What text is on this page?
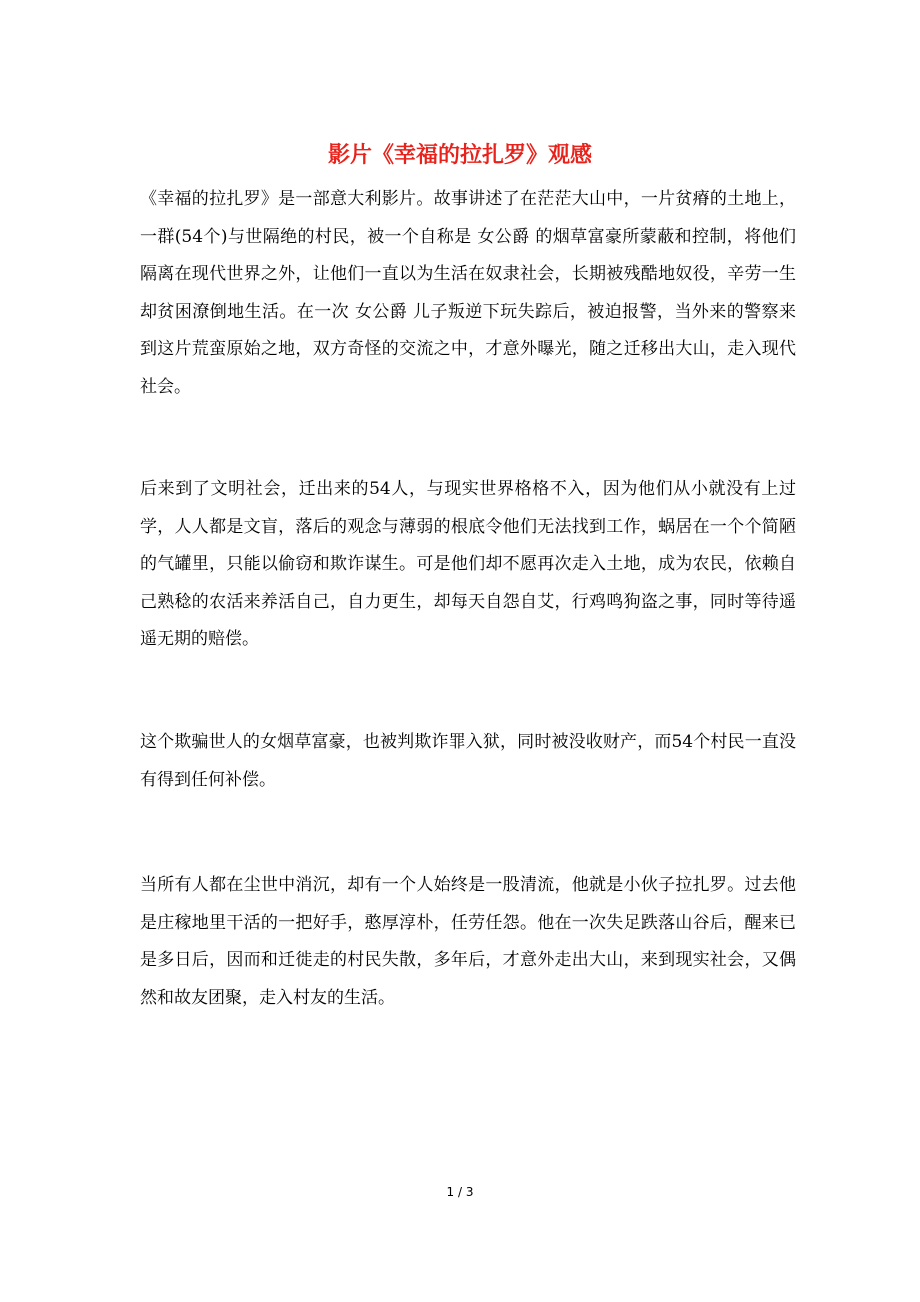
影片《幸福的拉扎罗》观感

《幸福的拉扎罗》是一部意大利影片。故事讲述了在茫茫大山中，一片贫瘠的土地上，一群(54个)与世隔绝的村民，被一个自称是 女公爵 的烟草富豪所蒙蔽和控制，将他们隔离在现代世界之外，让他们一直以为生活在奴隶社会，长期被残酷地奴役，辛劳一生却贫困潦倒地生活。在一次 女公爵 儿子叛逆下玩失踪后，被迫报警，当外来的警察来到这片荒蛮原始之地，双方奇怪的交流之中，才意外曝光，随之迁移出大山，走入现代社会。

后来到了文明社会，迁出来的54人，与现实世界格格不入，因为他们从小就没有上过学，人人都是文盲，落后的观念与薄弱的根底令他们无法找到工作，蜗居在一个个简陋的气罐里，只能以偷窃和欺诈谋生。可是他们却不愿再次走入土地，成为农民，依赖自己熟稔的农活来养活自己，自力更生，却每天自怨自艾，行鸡鸣狗盗之事，同时等待遥遥无期的赔偿。

这个欺骗世人的女烟草富豪，也被判欺诈罪入狱，同时被没收财产，而54个村民一直没有得到任何补偿。

当所有人都在尘世中消沉，却有一个人始终是一股清流，他就是小伙子拉扎罗。过去他是庄稼地里干活的一把好手，憨厚淳朴，任劳任怨。他在一次失足跌落山谷后，醒来已是多日后，因而和迁徙走的村民失散，多年后，才意外走出大山，来到现实社会，又偶然和故友团聚，走入村友的生活。

1 / 3
